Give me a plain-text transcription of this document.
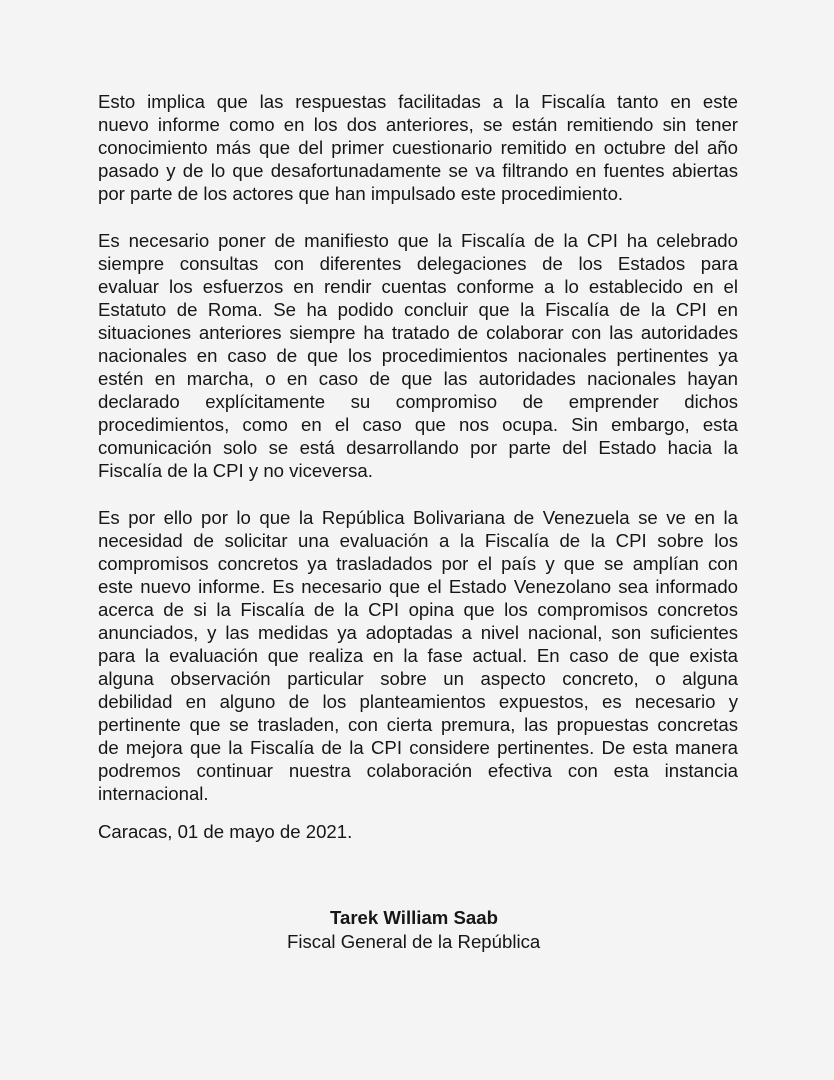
Esto implica que las respuestas facilitadas a la Fiscalía tanto en este
nuevo informe como en los dos anteriores, se están remitiendo sin tener
conocimiento más que del primer cuestionario remitido en octubre del año
pasado y de lo que desafortunadamente se va filtrando en fuentes abiertas
por parte de los actores que han impulsado este procedimiento.

Es necesario poner de manifiesto que la Fiscalía de la CPI ha celebrado
siempre consultas con diferentes delegaciones de los Estados para
evaluar los esfuerzos en rendir cuentas conforme a lo establecido en el
Estatuto de Roma. Se ha podido concluir que la Fiscalía de la CPI en
situaciones anteriores siempre ha tratado de colaborar con las autoridades
nacionales en caso de que los procedimientos nacionales pertinentes ya
estén en marcha, o en caso de que las autoridades nacionales hayan
declarado explícitamente su compromiso de emprender dichos
procedimientos, como en el caso que nos ocupa. Sin embargo, esta
comunicación solo se está desarrollando por parte del Estado hacia la
Fiscalía de la CPI y no viceversa.

Es por ello por lo que la República Bolivariana de Venezuela se ve en la
necesidad de solicitar una evaluación a la Fiscalía de la CPI sobre los
compromisos concretos ya trasladados por el país y que se amplían con
este nuevo informe. Es necesario que el Estado Venezolano sea informado
acerca de si la Fiscalía de la CPI opina que los compromisos concretos
anunciados, y las medidas ya adoptadas a nivel nacional, son suficientes
para la evaluación que realiza en la fase actual. En caso de que exista
alguna observación particular sobre un aspecto concreto, o alguna
debilidad en alguno de los planteamientos expuestos, es necesario y
pertinente que se trasladen, con cierta premura, las propuestas concretas
de mejora que la Fiscalía de la CPI considere pertinentes. De esta manera
podremos continuar nuestra colaboración efectiva con esta instancia
internacional.

Caracas, 01 de mayo de 2021.

Tarek William Saab
Fiscal General de la República
